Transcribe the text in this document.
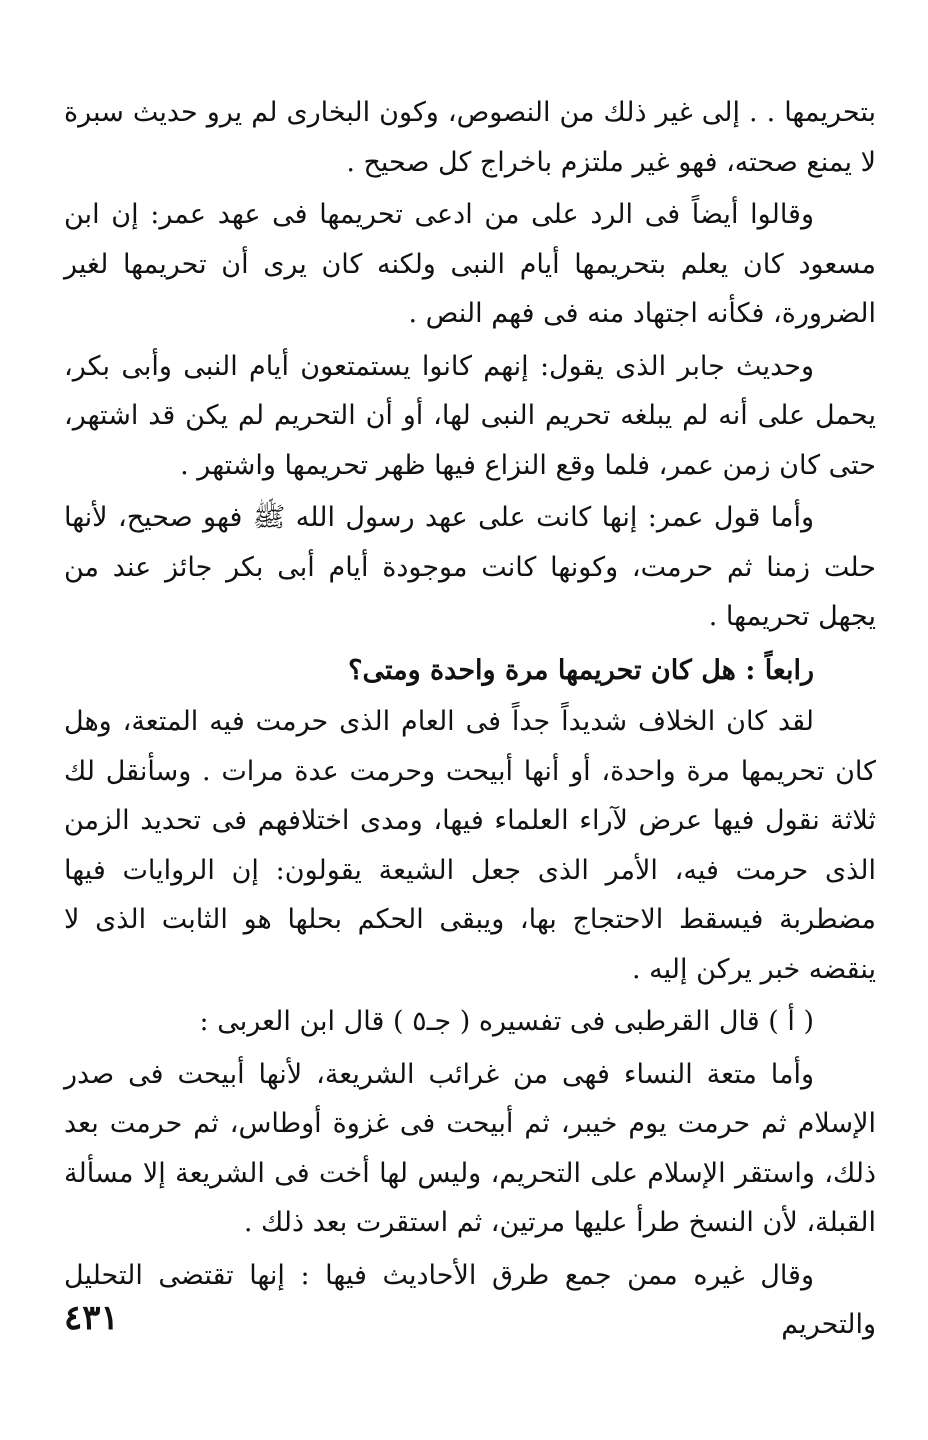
بتحريمها . . إلى غير ذلك من النصوص، وكون البخارى لم يرو حديث سبرة لا يمنع صحته، فهو غير ملتزم باخراج كل صحيح .

وقالوا أيضاً فى الرد على من ادعى تحريمها فى عهد عمر: إن ابن مسعود كان يعلم بتحريمها أيام النبى ولكنه كان يرى أن تحريمها لغير الضرورة، فكأنه اجتهاد منه فى فهم النص .

وحديث جابر الذى يقول: إنهم كانوا يستمتعون أيام النبى وأبى بكر، يحمل على أنه لم يبلغه تحريم النبى لها، أو أن التحريم لم يكن قد اشتهر، حتى كان زمن عمر، فلما وقع النزاع فيها ظهر تحريمها واشتهر .

وأما قول عمر: إنها كانت على عهد رسول الله ﷺ فهو صحيح، لأنها حلت زمنا ثم حرمت، وكونها كانت موجودة أيام أبى بكر جائز عند من يجهل تحريمها .

رابعاً : هل كان تحريمها مرة واحدة ومتى؟

لقد كان الخلاف شديداً جداً فى العام الذى حرمت فيه المتعة، وهل كان تحريمها مرة واحدة، أو أنها أبيحت وحرمت عدة مرات . وسأنقل لك ثلاثة نقول فيها عرض لآراء العلماء فيها، ومدى اختلافهم فى تحديد الزمن الذى حرمت فيه، الأمر الذى جعل الشيعة يقولون: إن الروايات فيها مضطربة فيسقط الاحتجاج بها، ويبقى الحكم بحلها هو الثابت الذى لا ينقضه خبر يركن إليه .

( أ ) قال القرطبى فى تفسيره ( جـ٥ ) قال ابن العربى :

وأما متعة النساء فهى من غرائب الشريعة، لأنها أبيحت فى صدر الإسلام ثم حرمت يوم خيبر، ثم أبيحت فى غزوة أوطاس، ثم حرمت بعد ذلك، واستقر الإسلام على التحريم، وليس لها أخت فى الشريعة إلا مسألة القبلة، لأن النسخ طرأ عليها مرتين، ثم استقرت بعد ذلك .

وقال غيره ممن جمع طرق الأحاديث فيها : إنها تقتضى التحليل والتحريم

٤٣١
